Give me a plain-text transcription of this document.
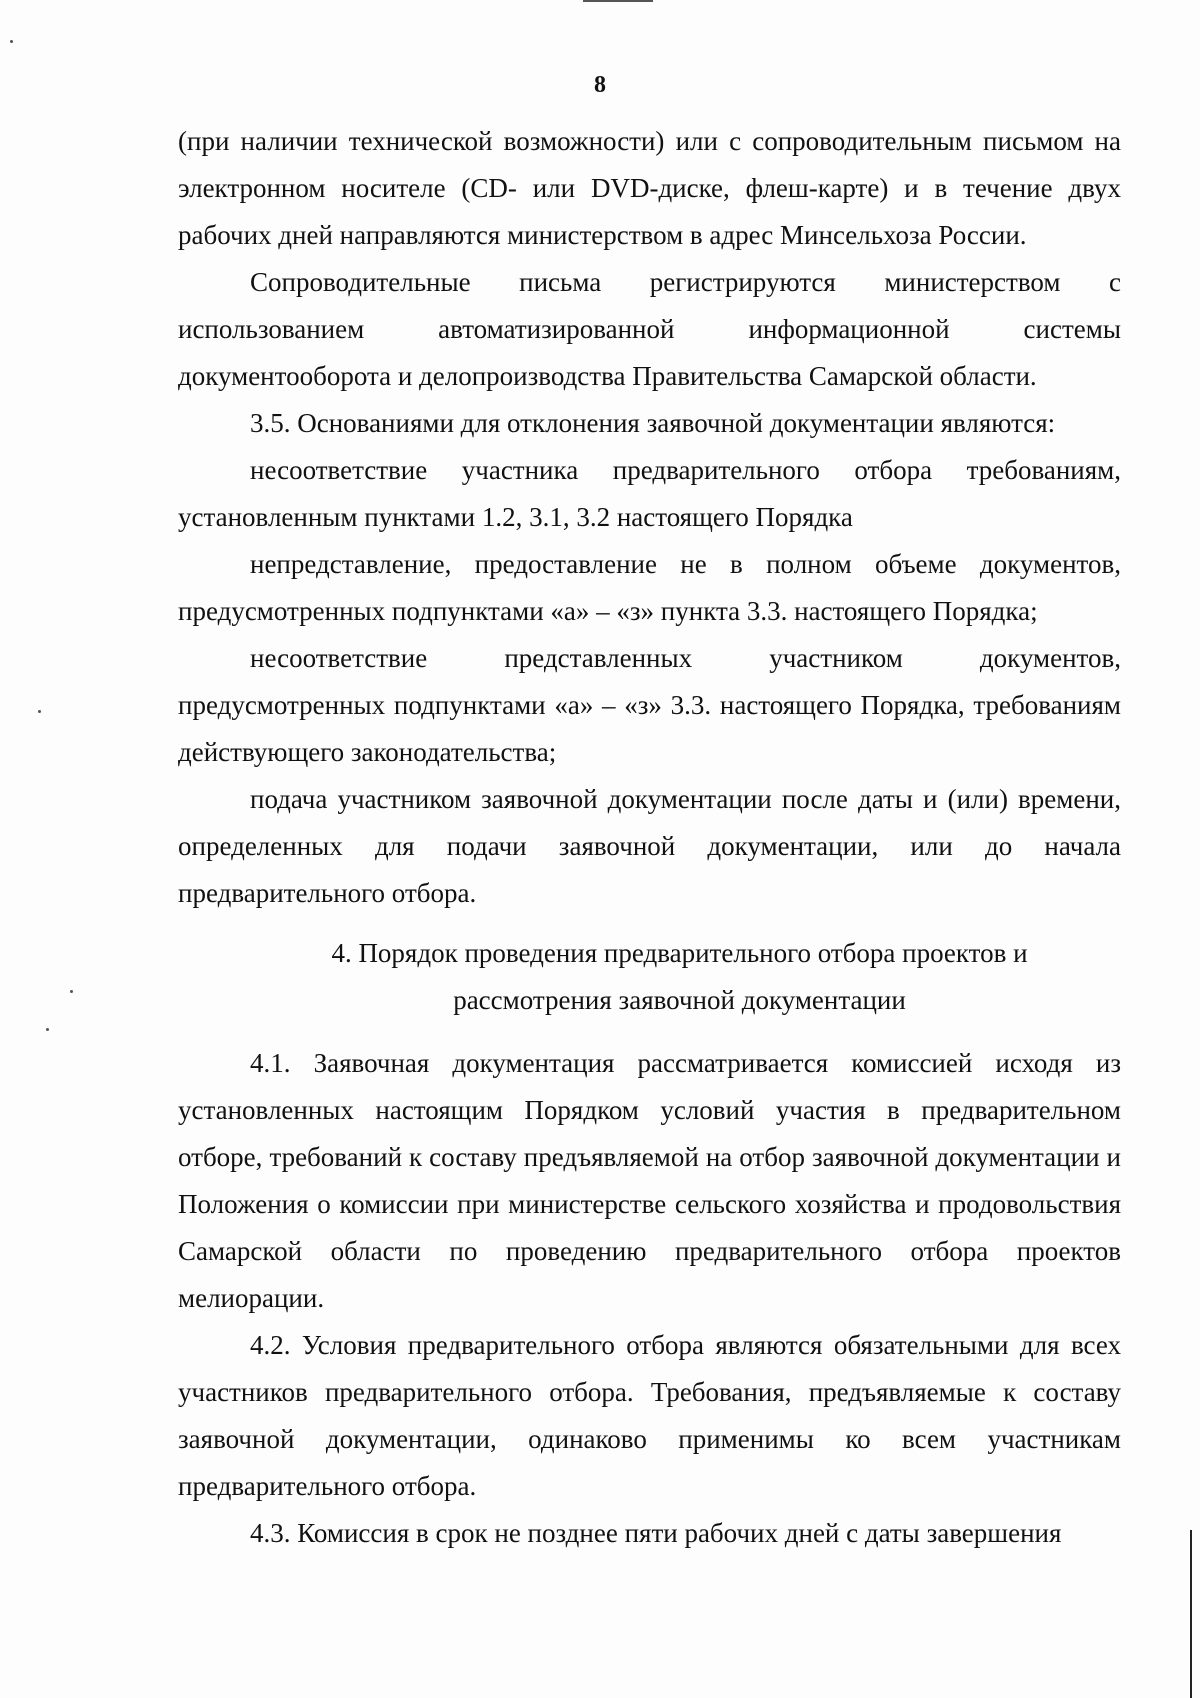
8

(при наличии технической возможности) или с сопроводительным письмом на электронном носителе (CD- или DVD-диске, флеш-карте) и в течение двух рабочих дней направляются министерством в адрес Минсельхоза России.

Сопроводительные письма регистрируются министерством с использованием автоматизированной информационной системы документооборота и делопроизводства Правительства Самарской области.

3.5. Основаниями для отклонения заявочной документации являются:

несоответствие участника предварительного отбора требованиям, установленным пунктами 1.2, 3.1, 3.2 настоящего Порядка

непредставление, предоставление не в полном объеме документов, предусмотренных подпунктами «а» – «з» пункта 3.3. настоящего Порядка;

несоответствие представленных участником документов, предусмотренных подпунктами «а» – «з» 3.3. настоящего Порядка, требованиям действующего законодательства;

подача участником заявочной документации после даты и (или) времени, определенных для подачи заявочной документации, или до начала предварительного отбора.

4. Порядок проведения предварительного отбора проектов и

рассмотрения заявочной документации

4.1. Заявочная документация рассматривается комиссией исходя из установленных настоящим Порядком условий участия в предварительном отборе, требований к составу предъявляемой на отбор заявочной документации и Положения о комиссии при министерстве сельского хозяйства и продовольствия Самарской области по проведению предварительного отбора проектов мелиорации.

4.2. Условия предварительного отбора являются обязательными для всех участников предварительного отбора. Требования, предъявляемые к составу заявочной документации, одинаково применимы ко всем участникам предварительного отбора.

4.3. Комиссия в срок не позднее пяти рабочих дней с даты завершения
